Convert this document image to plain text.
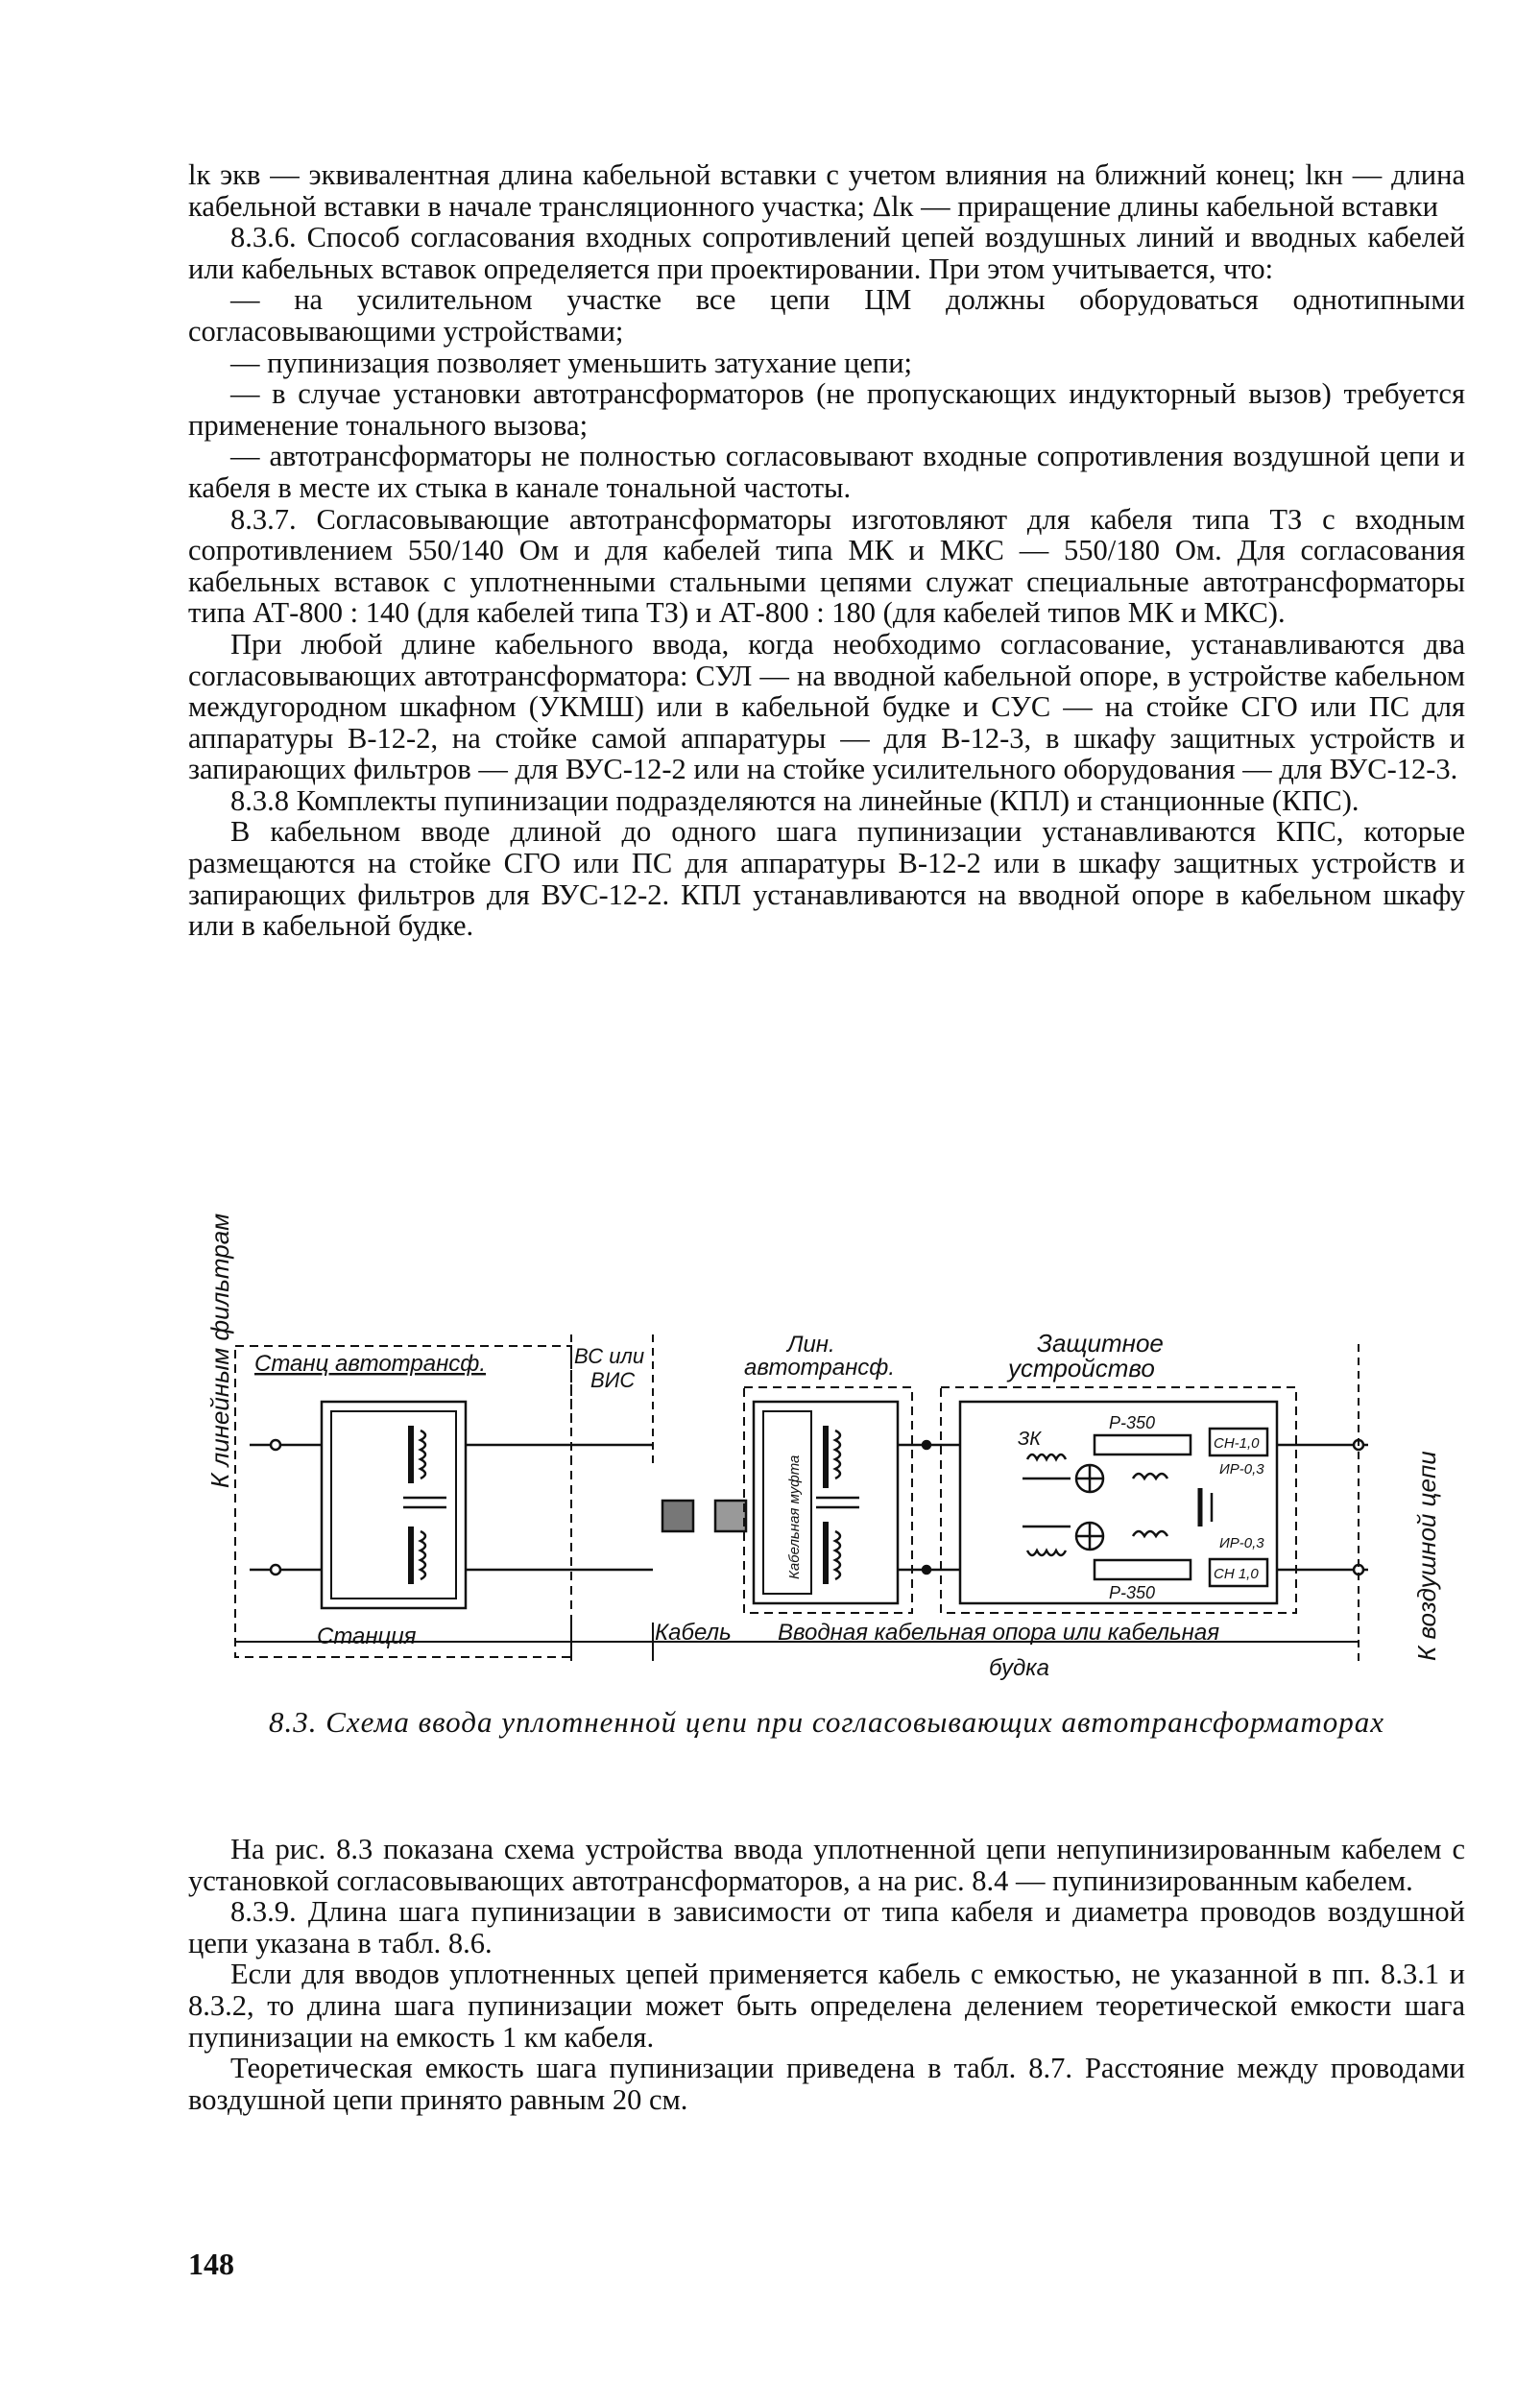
lк экв — эквивалентная длина кабельной вставки с учетом влияния на ближний конец; lкн — длина кабельной вставки в начале трансляционного участка; Δlк — приращение длины кабельной вставки

8.3.6. Способ согласования входных сопротивлений цепей воздушных линий и вводных кабелей или кабельных вставок определяется при проектировании. При этом учитывается, что:

— на усилительном участке все цепи ЦМ должны оборудоваться однотипными согласовывающими устройствами;

— пупинизация позволяет уменьшить затухание цепи;

— в случае установки автотрансформаторов (не пропускающих индукторный вызов) требуется применение тонального вызова;

— автотрансформаторы не полностью согласовывают входные сопротивления воздушной цепи и кабеля в месте их стыка в канале тональной частоты.

8.3.7. Согласовывающие автотрансформаторы изготовляют для кабеля типа ТЗ с входным сопротивлением 550/140 Ом и для кабелей типа МК и МКС — 550/180 Ом. Для согласования кабельных вставок с уплотненными стальными цепями служат специальные автотрансформаторы типа АТ-800 : 140 (для кабелей типа ТЗ) и АТ-800 : 180 (для кабелей типов МК и МКС).

При любой длине кабельного ввода, когда необходимо согласование, устанавливаются два согласовывающих автотрансформатора: СУЛ — на вводной кабельной опоре, в устройстве кабельном междугородном шкафном (УКМШ) или в кабельной будке и СУС — на стойке СГО или ПС для аппаратуры В-12-2, на стойке самой аппаратуры — для В-12-3, в шкафу защитных устройств и запирающих фильтров — для ВУС-12-2 или на стойке усилительного оборудования — для ВУС-12-3.

8.3.8 Комплекты пупинизации подразделяются на линейные (КПЛ) и станционные (КПС).

В кабельном вводе длиной до одного шага пупинизации устанавливаются КПС, которые размещаются на стойке СГО или ПС для аппаратуры В-12-2 или в шкафу защитных устройств и запирающих фильтров для ВУС-12-2. КПЛ устанавливаются на вводной опоре в кабельном шкафу или в кабельной будке.

К линейным фильтрам
К воздушной цепи
Станц автотрансф.	ВС или
ВИС
Лин.
автотрансф.
Защитное
устройство
Кабельная муфта
ЗК
Р-350
Р-350
СН-1,0
СН 1,0
ИР-0,3
ИР-0,3
Станция	Кабель Вводная кабельная опора или кабельная
будка

8.3. Схема ввода уплотненной цепи при согласовывающих автотрансформаторах

На рис. 8.3 показана схема устройства ввода уплотненной цепи непупинизированным кабелем с установкой согласовывающих автотрансформаторов, а на рис. 8.4 — пупинизированным кабелем.

8.3.9. Длина шага пупинизации в зависимости от типа кабеля и диаметра проводов воздушной цепи указана в табл. 8.6.

Если для вводов уплотненных цепей применяется кабель с емкостью, не указанной в пп. 8.3.1 и 8.3.2, то длина шага пупинизации может быть определена делением теоретической емкости шага пупинизации на емкость 1 км кабеля.

Теоретическая емкость шага пупинизации приведена в табл. 8.7. Расстояние между проводами воздушной цепи принято равным 20 см.

148
